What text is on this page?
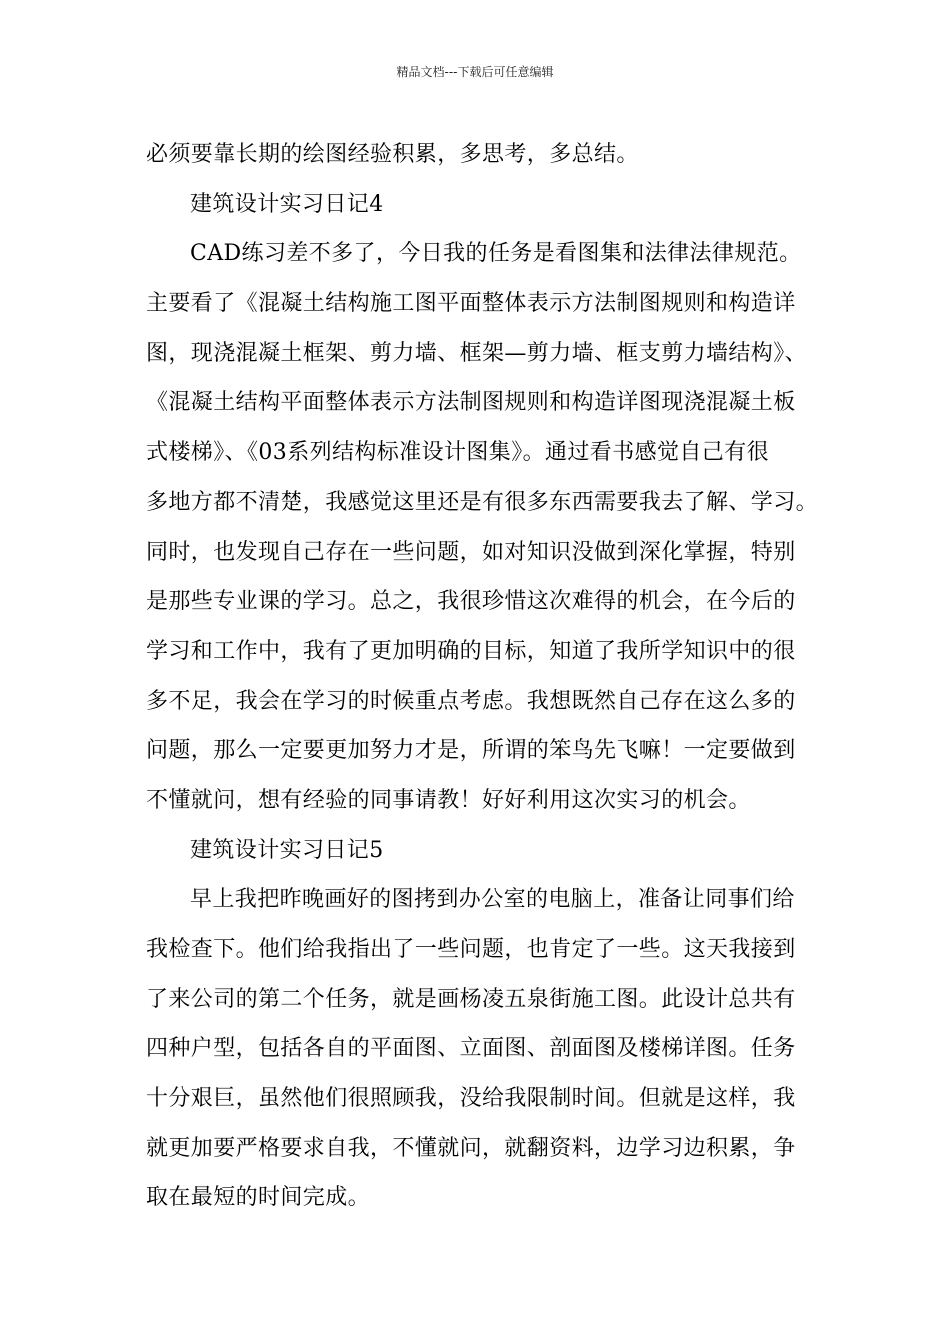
精品文档---下载后可任意编辑
必须要靠长期的绘图经验积累，多思考，多总结。
建筑设计实习日记4
CAD练习差不多了，今日我的任务是看图集和法律法律规范。
主要看了《混凝土结构施工图平面整体表示方法制图规则和构造详
图，现浇混凝土框架、剪力墙、框架—剪力墙、框支剪力墙结构》、
《混凝土结构平面整体表示方法制图规则和构造详图现浇混凝土板
式楼梯》、《03系列结构标准设计图集》。通过看书感觉自己有很
多地方都不清楚，我感觉这里还是有很多东西需要我去了解、学习。
同时，也发现自己存在一些问题，如对知识没做到深化掌握，特别
是那些专业课的学习。总之，我很珍惜这次难得的机会，在今后的
学习和工作中，我有了更加明确的目标，知道了我所学知识中的很
多不足，我会在学习的时候重点考虑。我想既然自己存在这么多的
问题，那么一定要更加努力才是，所谓的笨鸟先飞嘛！一定要做到
不懂就问，想有经验的同事请教！好好利用这次实习的机会。
建筑设计实习日记5
早上我把昨晚画好的图拷到办公室的电脑上，准备让同事们给
我检查下。他们给我指出了一些问题，也肯定了一些。这天我接到
了来公司的第二个任务，就是画杨凌五泉街施工图。此设计总共有
四种户型，包括各自的平面图、立面图、剖面图及楼梯详图。任务
十分艰巨，虽然他们很照顾我，没给我限制时间。但就是这样，我
就更加要严格要求自我，不懂就问，就翻资料，边学习边积累，争
取在最短的时间完成。
